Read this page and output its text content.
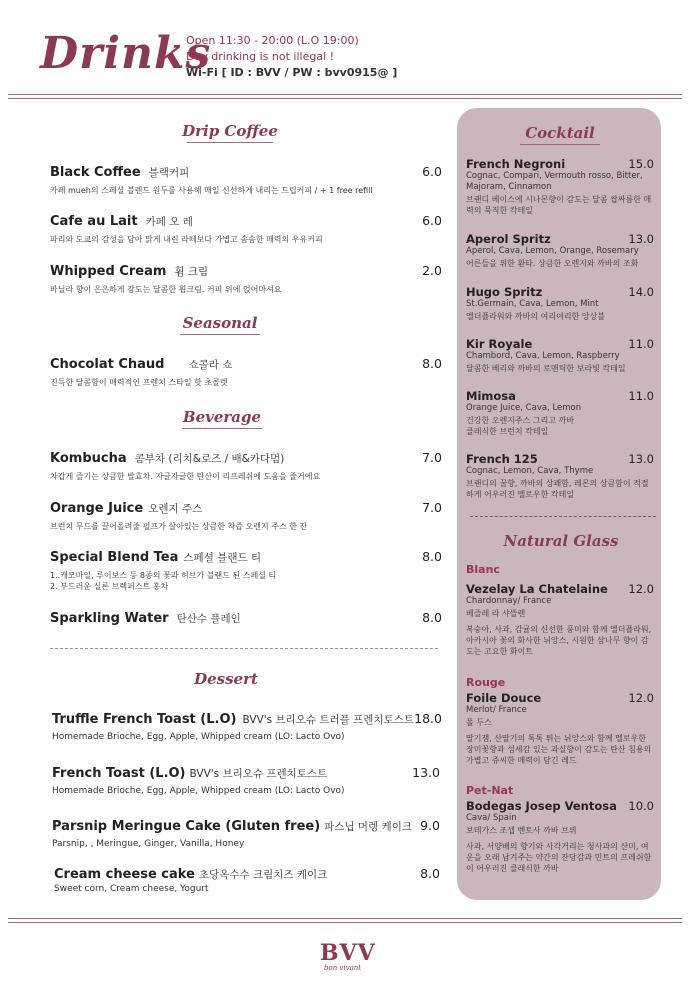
Drinks
Open 11:30 - 20:00 (L.O 19:00)
Day drinking is not illegal !
Wi-Fi [ ID : BVV / PW : bvv0915@ ]
Drip Coffee
Black Coffee 블랙커피	6.0
카페 mueh의 스페셜 블렌드 원두를 사용해 매일 신선하게 내리는 드립커피 / + 1 free refill
Cafe au Lait 카페 오 레	6.0
파리와 도쿄의 감성을 담아 맑게 내린 라떼보다 가볍고 솜솜한 매력의 우유커피
Whipped Cream 휨 크림	2.0
바닐라 향이 은은하게 감도는 달콤한 휨크림. 커피 위에 얹어마셔요
Seasonal
Chocolat Chaud 쇼콜라 쇼	8.0
진득한 달콤함이 매력적인 프렌치 스타일 핫 초콜렛
Beverage
Kombucha 콤부차 (리치&로즈 / 배&카다멈)	7.0
차갑게 즐기는 상큼한 발효차. 자글자글한 탄산이 리프레쉬에 도움을 줄거에요
Orange Juice 오렌지 주스	7.0
브런치 무드를 끌어올려줄 펄프가 살아있는 상큼한 착즙 오렌지 주스 한 잔
Special Blend Tea 스페셜 블랜드 티	8.0
1..캐모마일, 루이보스 등 8종의 꽃과 허브가 블랜드 된 스페셜 티
2. 부드러운 실론 브렉퍼스트 홍차
Sparkling Water 탄산수 플레인	8.0
Dessert
Truffle French Toast (L.O) BVV's 브리오슈 트러플 프렌치토스트 18.0
Homemade Brioche, Egg, Apple, Whipped cream (LO: Lacto Ovo)
French Toast (L.O) BVV's 브리오슈 프렌치토스트	13.0
Homemade Brioche, Egg, Apple, Whipped cream (LO: Lacto Ovo)
Parsnip Meringue Cake (Gluten free) 파스닙 머렝 케이크 9.0
Parsnip, , Meringue, Ginger, Vanilla, Honey
Cream cheese cake 초당옥수수 크림치즈 케이크	8.0
Sweet corn, Cream cheese, Yogurt
Cocktail
French Negroni	15.0
Cognac, Compari, Vermouth rosso, Bitter, Majoram, Cinnamon
브랜디 베이스에 시나몬향이 감도는 달콤 쌉싸름한 매력의 묵직한 칵테일
Aperol Spritz	13.0
Aperol, Cava, Lemon, Orange, Rosemary
어른들을 위한 환타. 상큼한 오렌지와 까바의 조화
Hugo Spritz	14.0
St.Germain, Cava, Lemon, Mint
엘더플라워와 까바의 여리여리한 앙상블
Kir Royale	11.0
Chambord, Cava, Lemon, Raspberry
달콤한 베리와 까바의 로맨틱한 보라빛 칵테일
Mimosa	11.0
Orange Juice, Cava, Lemon
건강한 오렌지주스 그리고 까바 클래식한 브런치 칵테일
French 125	13.0
Cognac, Lemon, Cava, Thyme
브랜디의 꿀향, 까바의 상쾌함, 레몬의 상큼함이 적절하게 어우러진 멜로우한 칵테일
Natural Glass
Blanc
Vezelay La Chatelaine 12.0
Chardonnay/ France
베즐레 라 샤뜰렌
복숭아, 사과, 감귤의 신선한 풍미와 함께 엘더플라워, 아카시아 꽃의 화사한 뉘앙스, 시원한 삼나무 향이 감도는 고요한 화이트
Rouge
Foile Douce	12.0
Merlot/ France
폴 두스
딸기잼, 산딸기의 톡톡 튀는 뉘앙스와 함께 멜로우한 장미꽃향과 섬세감 있는 과실향이 감도는 탄산 침용의 가볍고 쥬씨한 매력이 담긴 레드
Pet-Nat
Bodegas Josep Ventosa 10.0
Cava/ Spain
보데가스 조셉 벤토사 까바 브뤼
사과, 서양배의 향기와 사각거리는 청사과의 산미, 여운을 오래 남겨주는 약간의 잔당감과 민트의 프레쉬함이 어우러진 클래식한 까바
BVV
bon vivant
